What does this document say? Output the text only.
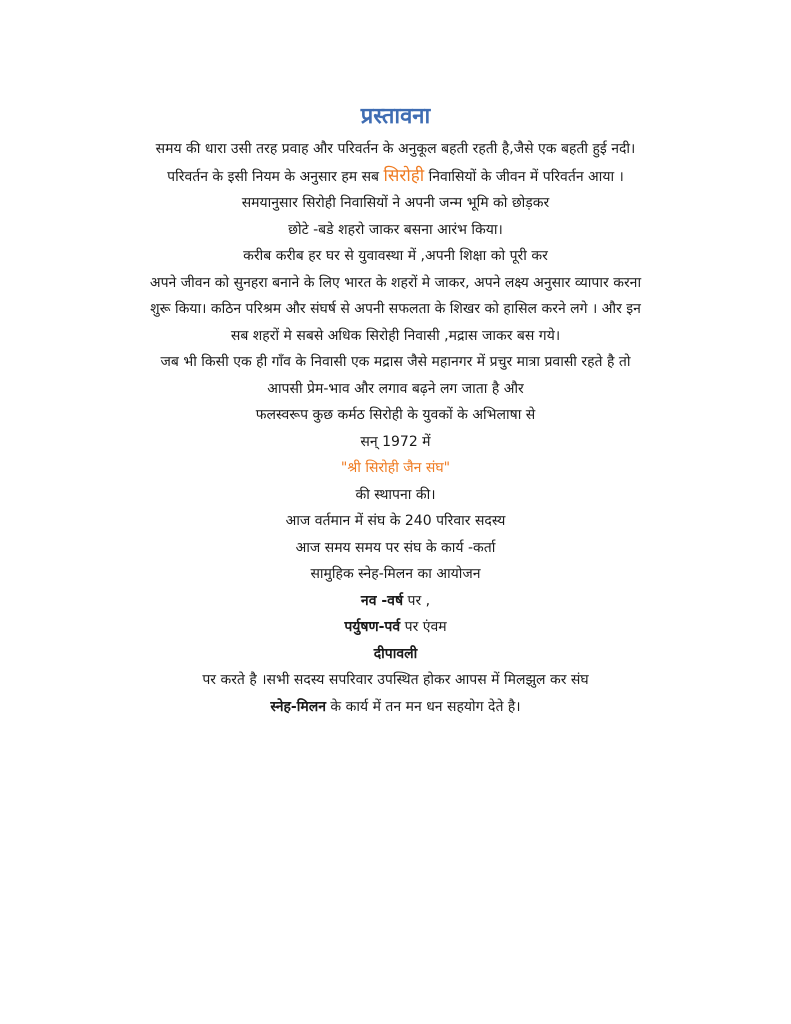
प्रस्तावना
समय की धारा उसी तरह प्रवाह और परिवर्तन के अनुकूल बहती रहती है,जैसे एक बहती हुई नदी।
परिवर्तन के इसी नियम के अनुसार हम सब सिरोही निवासियों के जीवन में परिवर्तन आया ।
समयानुसार सिरोही निवासियों ने अपनी जन्म भूमि को छोड़कर
छोटे -बडे शहरो जाकर बसना आरंभ किया।
करीब करीब हर घर से युवावस्था में ,अपनी शिक्षा को पूरी कर
अपने जीवन को सुनहरा बनाने के लिए भारत के शहरों मे जाकर, अपने लक्ष्य अनुसार व्यापार करना
शुरू किया। कठिन परिश्रम और संघर्ष से अपनी सफलता के शिखर को हासिल करने लगे । और इन
सब शहरों मे सबसे अधिक सिरोही निवासी ,मद्रास जाकर बस गये।
जब भी किसी एक ही गाँव के निवासी एक मद्रास जैसे महानगर में प्रचुर मात्रा प्रवासी रहते है तो
आपसी प्रेम-भाव और लगाव बढ़ने लग जाता है और
फलस्वरूप कुछ कर्मठ सिरोही के युवकों के अभिलाषा से
सन् 1972 में
"श्री सिरोही जैन संघ"
की स्थापना की।
आज वर्तमान में संघ के 240 परिवार सदस्य
आज समय समय पर संघ के कार्य -कर्ता
सामुहिक स्नेह-मिलन का आयोजन
नव -वर्ष पर ,
पर्युषण-पर्व पर एंवम
दीपावली
पर करते है ।सभी सदस्य सपरिवार उपस्थित होकर आपस में मिलझुल कर संघ
स्नेह-मिलन के कार्य में तन मन धन सहयोग देते है।
